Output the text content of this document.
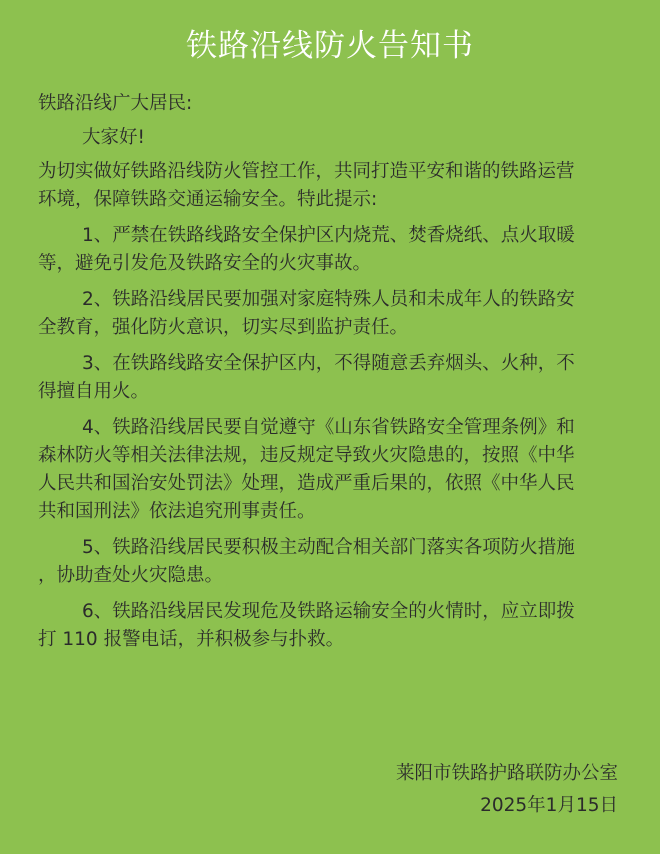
铁路沿线防火告知书

铁路沿线广大居民:

大家好!

为切实做好铁路沿线防火管控工作，共同打造平安和谐的铁路运营

环境，保障铁路交通运输安全。特此提示:

1、严禁在铁路线路安全保护区内烧荒、焚香烧纸、点火取暖

等，避免引发危及铁路安全的火灾事故。

2、铁路沿线居民要加强对家庭特殊人员和未成年人的铁路安

全教育，强化防火意识，切实尽到监护责任。

3、在铁路线路安全保护区内，不得随意丢弃烟头、火种，不

得擅自用火。

4、铁路沿线居民要自觉遵守《山东省铁路安全管理条例》和

森林防火等相关法律法规，违反规定导致火灾隐患的，按照《中华

人民共和国治安处罚法》处理，造成严重后果的，依照《中华人民

共和国刑法》依法追究刑事责任。

5、铁路沿线居民要积极主动配合相关部门落实各项防火措施

，协助查处火灾隐患。

6、铁路沿线居民发现危及铁路运输安全的火情时，应立即拨

打 110 报警电话，并积极参与扑救。

莱阳市铁路护路联防办公室
2025年1月15日
